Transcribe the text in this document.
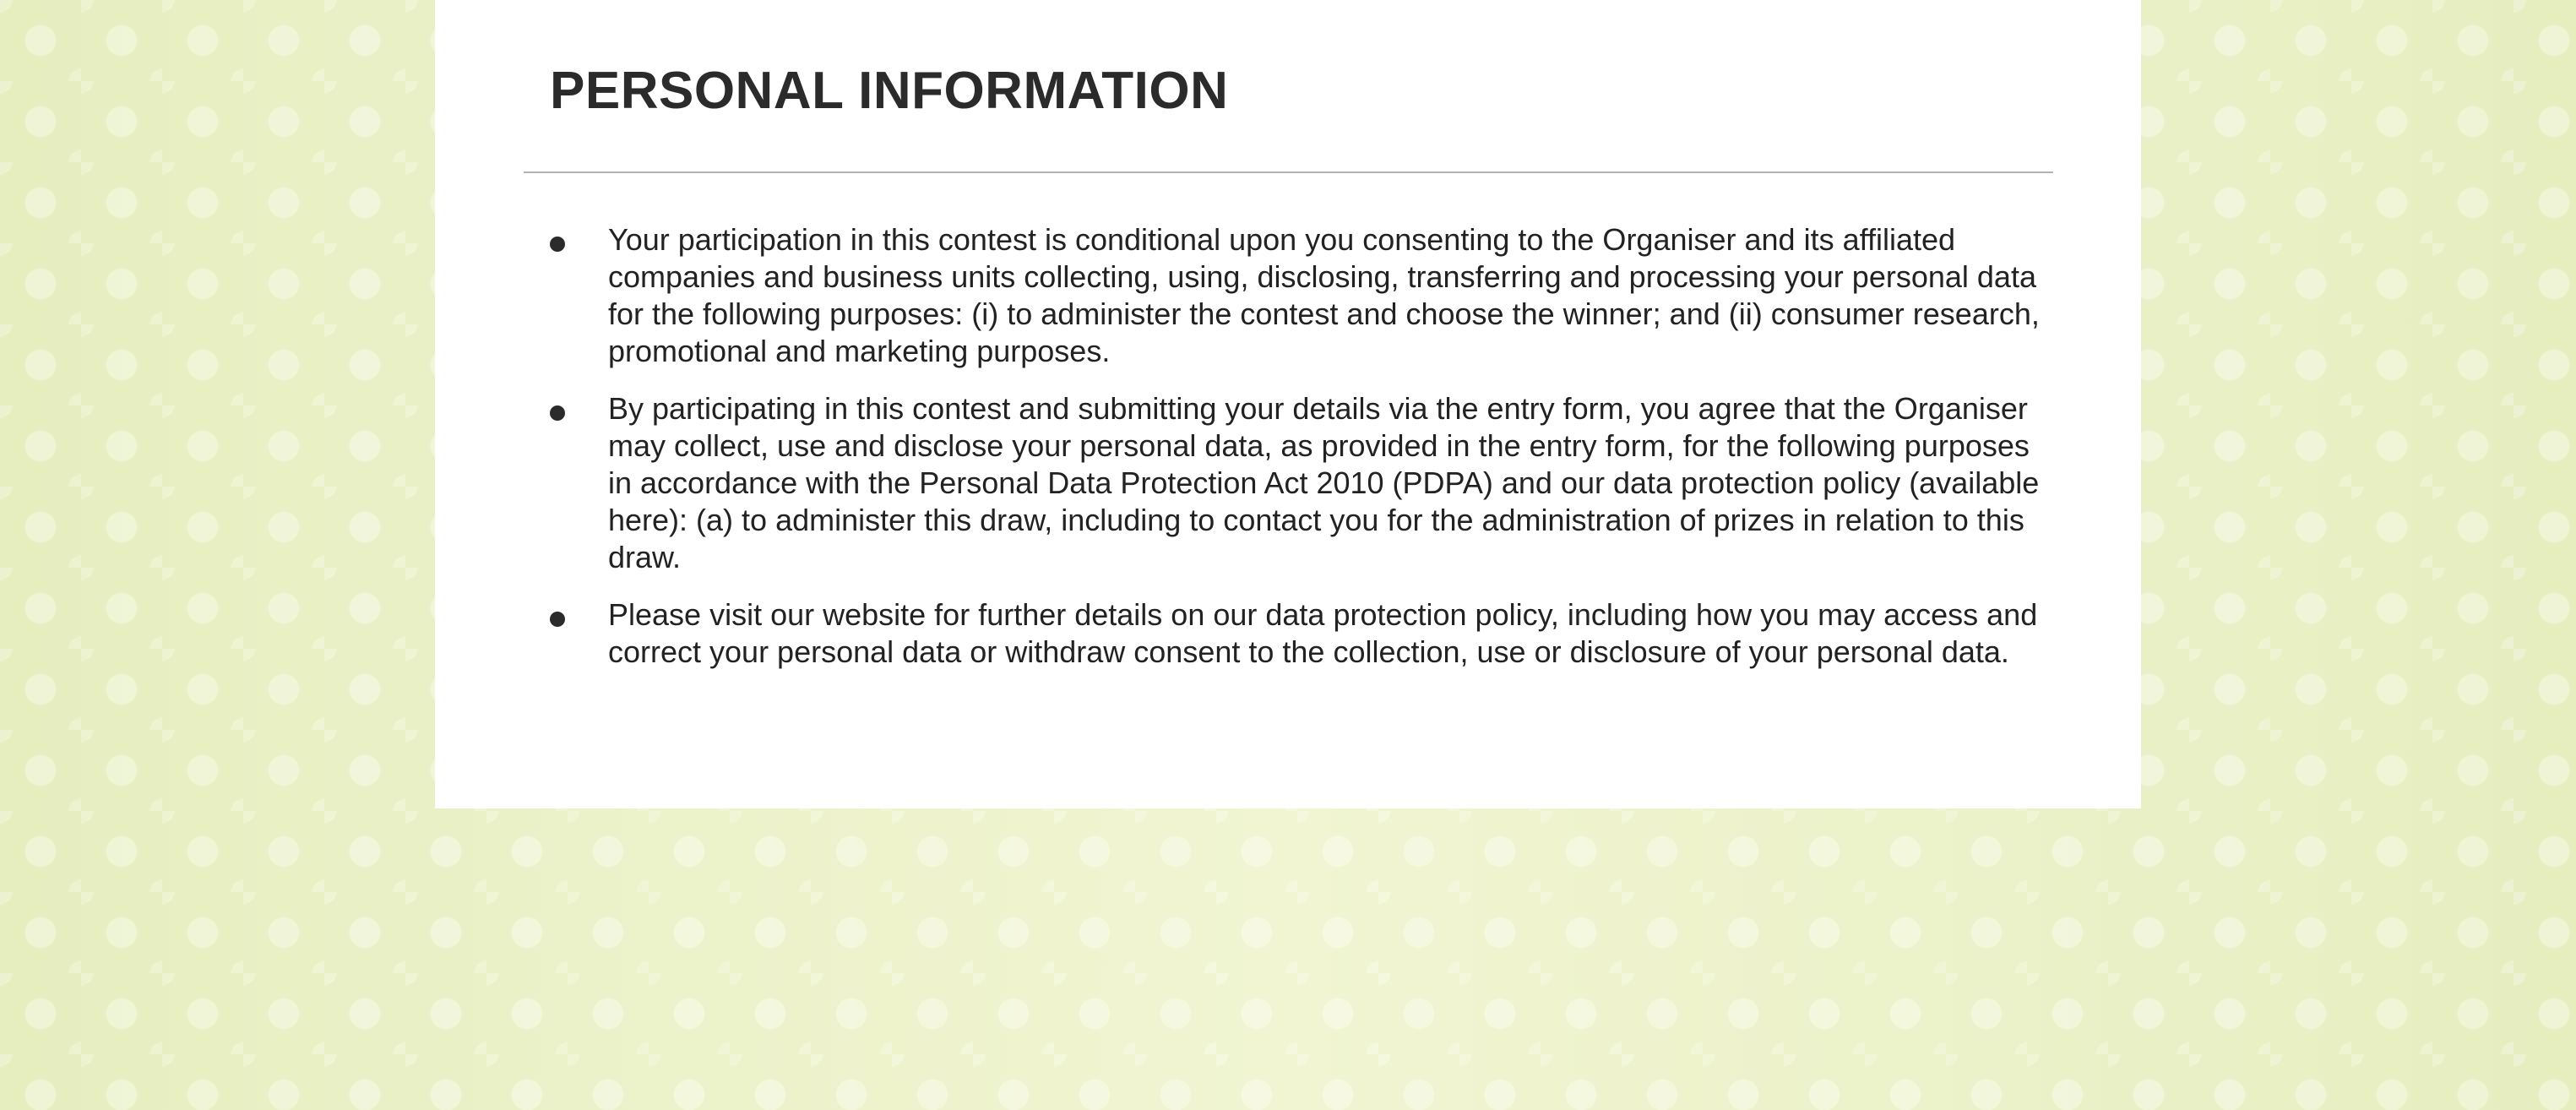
PERSONAL INFORMATION
Your participation in this contest is conditional upon you consenting to the Organiser and its affiliated companies and business units collecting, using, disclosing, transferring and processing your personal data for the following purposes: (i) to administer the contest and choose the winner; and (ii) consumer research, promotional and marketing purposes.
By participating in this contest and submitting your details via the entry form, you agree that the Organiser may collect, use and disclose your personal data, as provided in the entry form, for the following purposes in accordance with the Personal Data Protection Act 2010 (PDPA) and our data protection policy (available here): (a) to administer this draw, including to contact you for the administration of prizes in relation to this draw.
Please visit our website for further details on our data protection policy, including how you may access and correct your personal data or withdraw consent to the collection, use or disclosure of your personal data.
